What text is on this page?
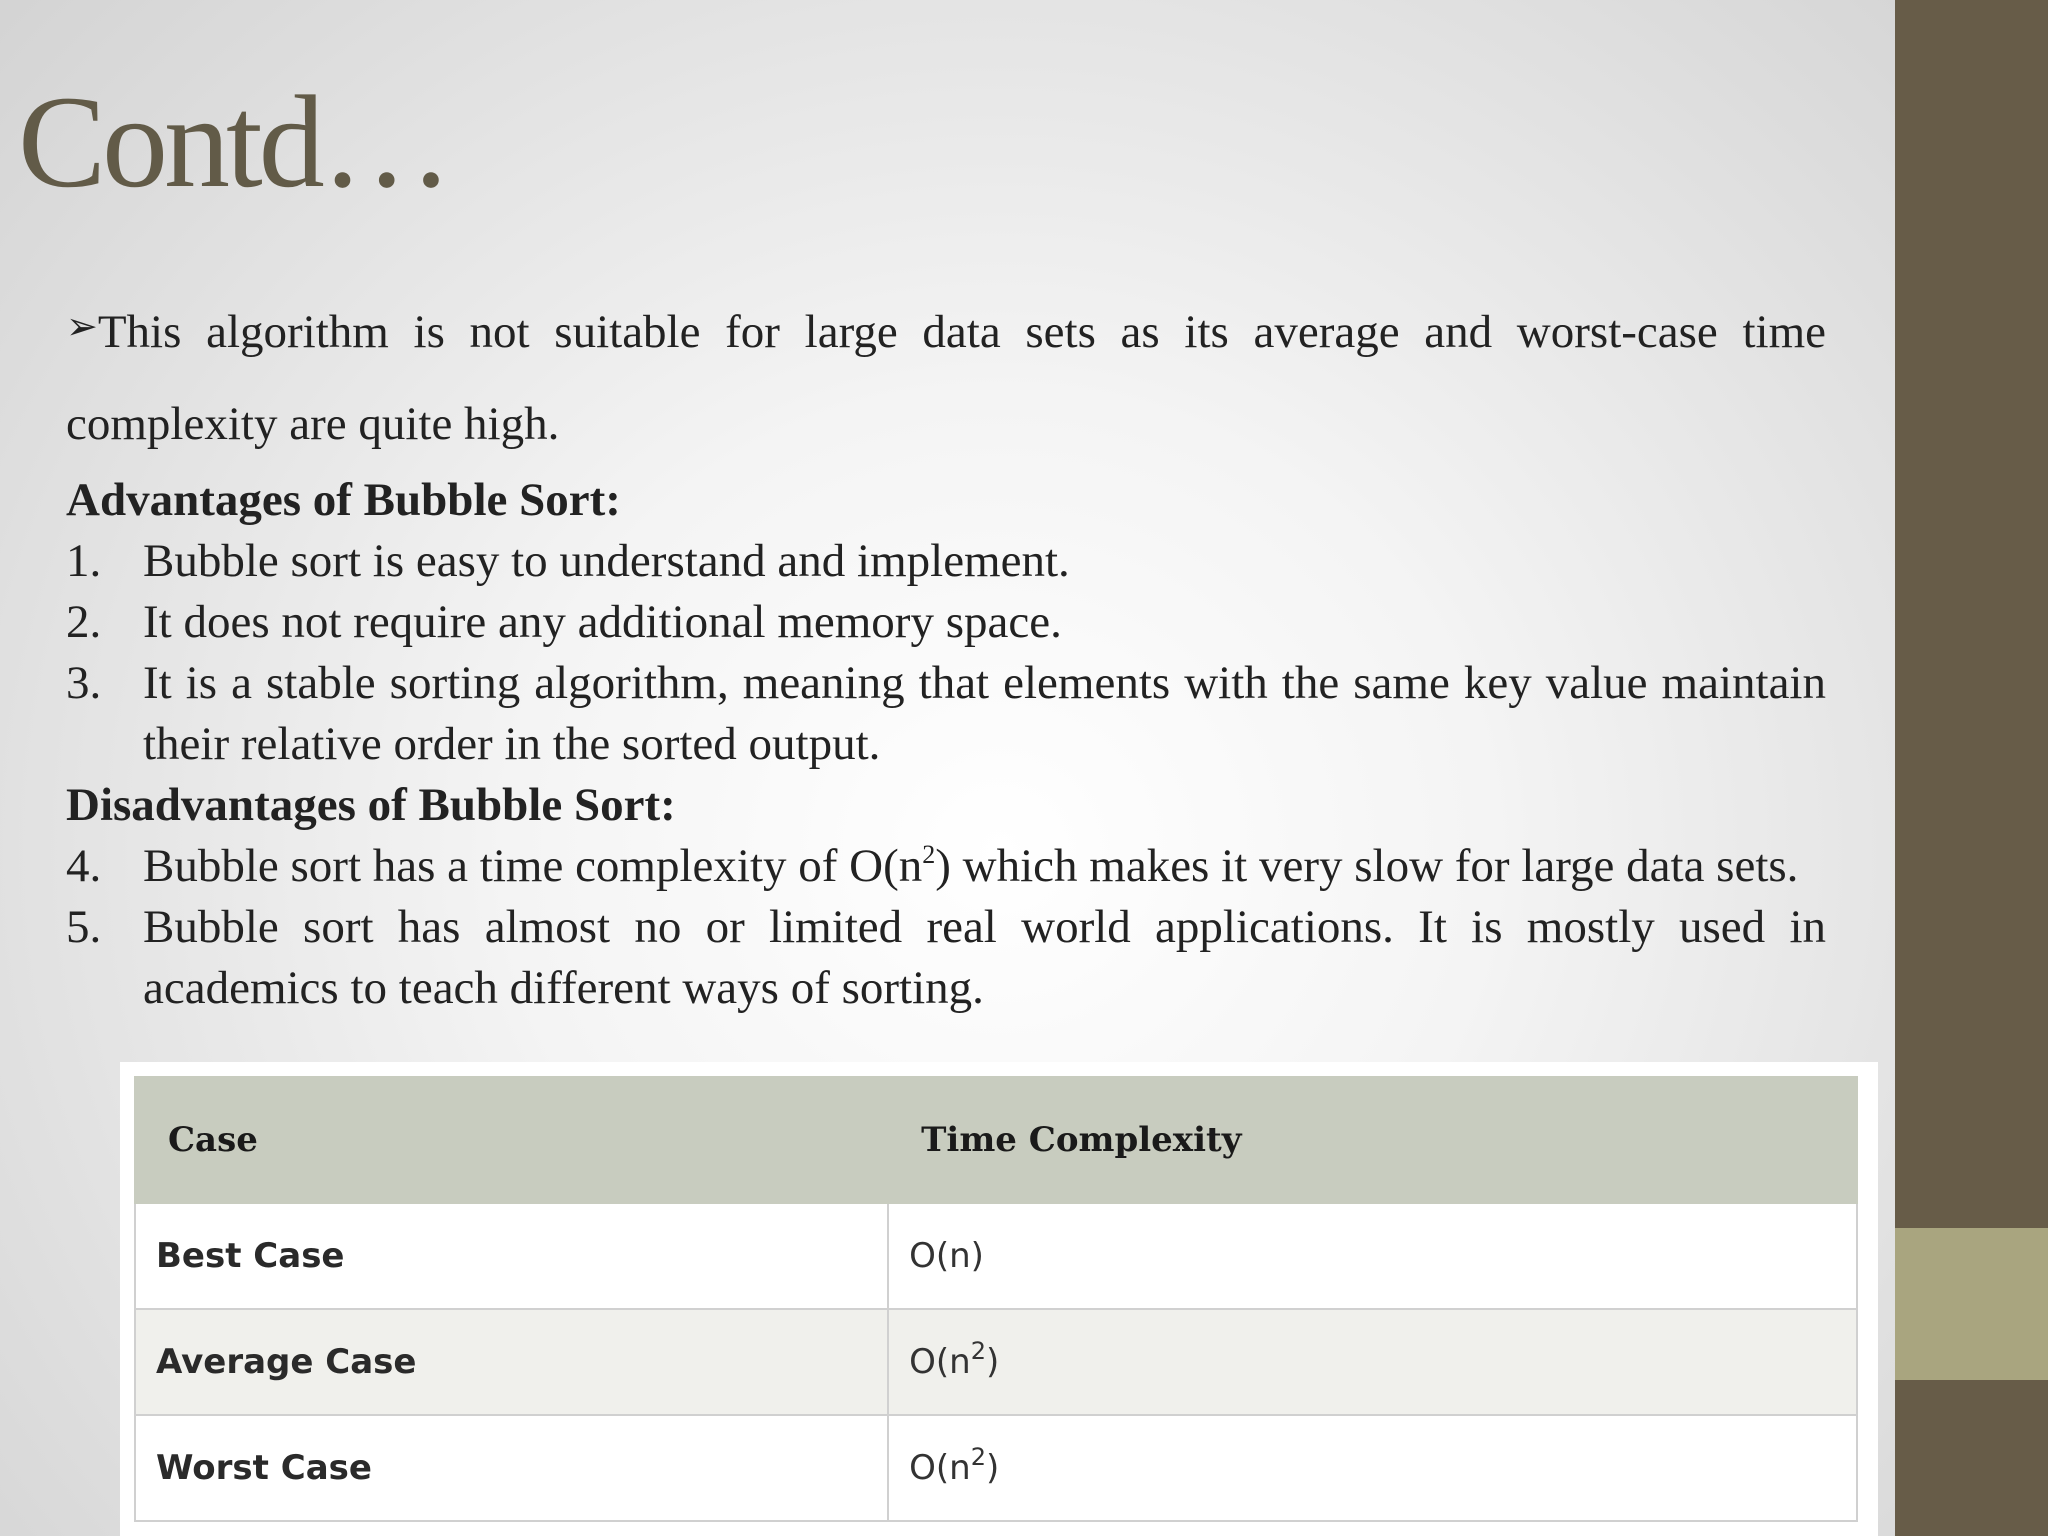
Contd…

➢This algorithm is not suitable for large data sets as its average and worst-case time complexity are quite high.

Advantages of Bubble Sort:

1. Bubble sort is easy to understand and implement.
2. It does not require any additional memory space.
3. It is a stable sorting algorithm, meaning that elements with the same key value maintain their relative order in the sorted output.

Disadvantages of Bubble Sort:

4. Bubble sort has a time complexity of $O(n^2)$ which makes it very slow for large data sets.
5. Bubble sort has almost no or limited real world applications. It is mostly used in academics to teach different ways of sorting.
Case	Time Complexity
Best Case	O(n)
Average Case	$O(n^2)$
Worst Case	$O(n^2)$
